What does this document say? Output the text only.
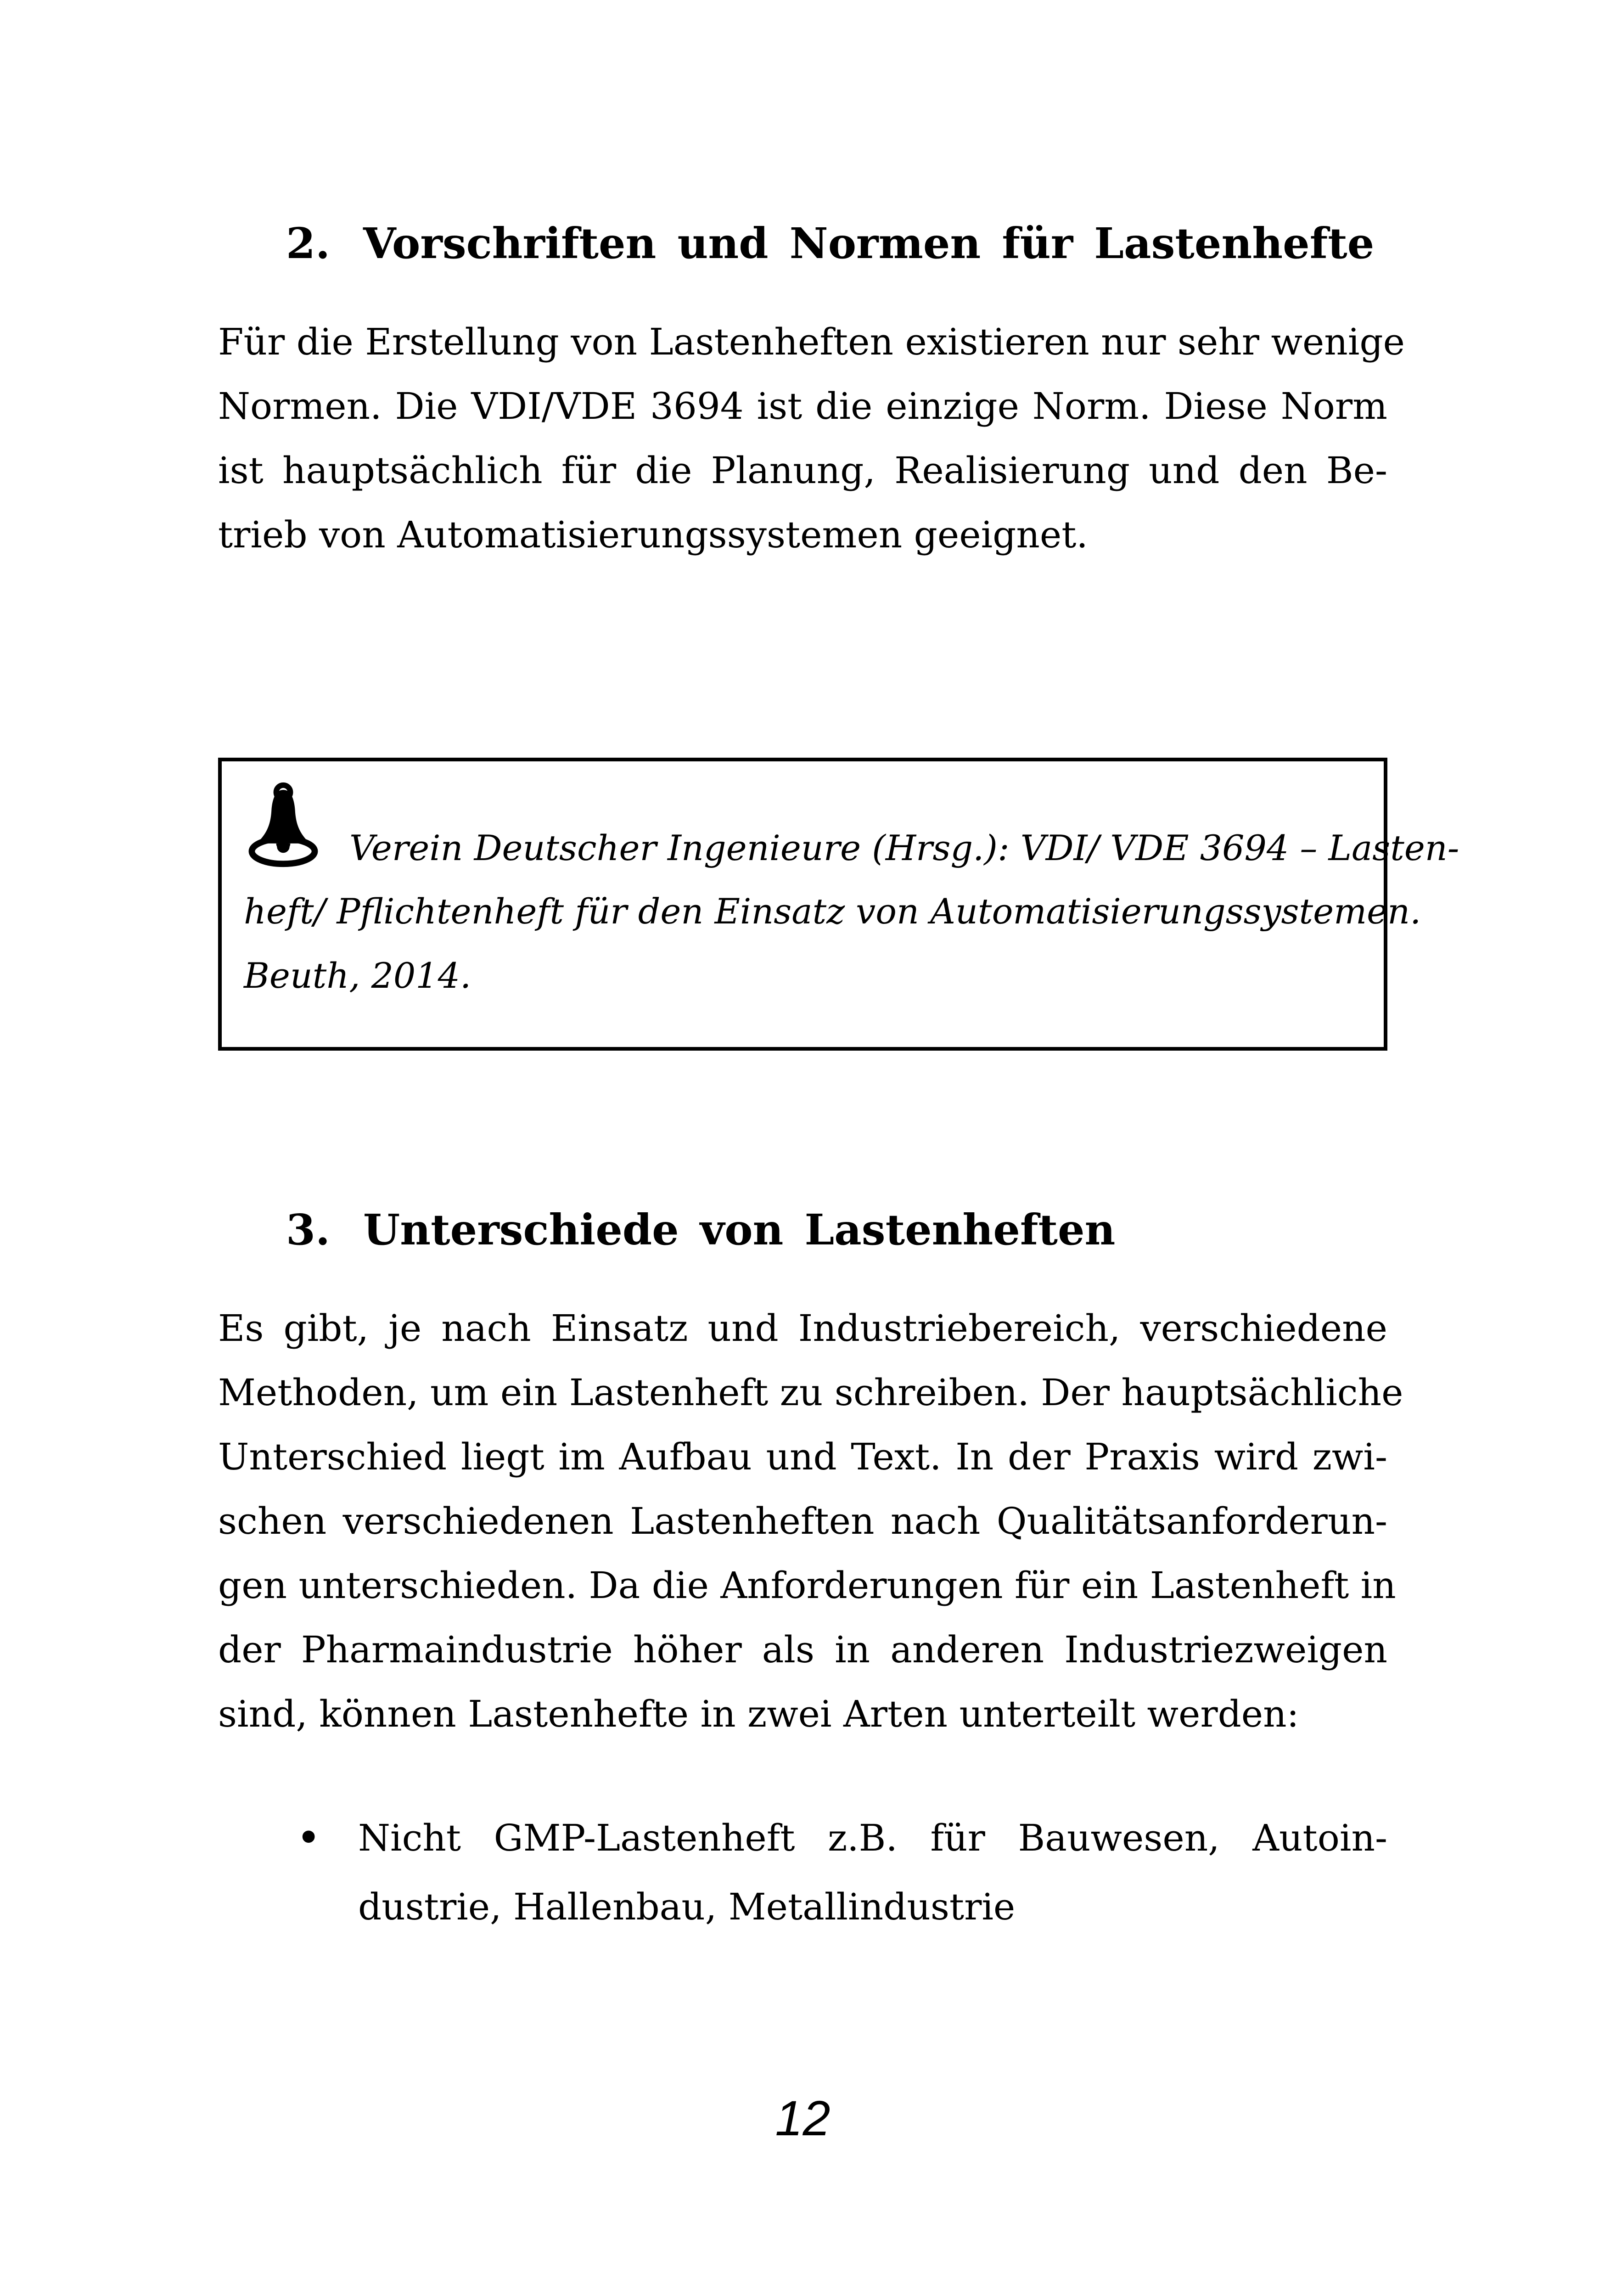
2. Vorschriften und Normen für Lastenhefte
Für die Erstellung von Lastenheften existieren nur sehr wenige
Normen. Die VDI/VDE 3694 ist die einzige Norm. Diese Norm
ist hauptsächlich für die Planung, Realisierung und den Be-
trieb von Automatisierungssystemen geeignet.
Verein Deutscher Ingenieure (Hrsg.): VDI/ VDE 3694 – Lasten-
heft/ Pflichtenheft für den Einsatz von Automatisierungssystemen.
Beuth, 2014.
3. Unterschiede von Lastenheften
Es gibt, je nach Einsatz und Industriebereich, verschiedene
Methoden, um ein Lastenheft zu schreiben. Der hauptsächliche
Unterschied liegt im Aufbau und Text. In der Praxis wird zwi-
schen verschiedenen Lastenheften nach Qualitätsanforderun-
gen unterschieden. Da die Anforderungen für ein Lastenheft in
der Pharmaindustrie höher als in anderen Industriezweigen
sind, können Lastenhefte in zwei Arten unterteilt werden:
•	Nicht GMP-Lastenheft z.B. für Bauwesen, Autoin-
dustrie, Hallenbau, Metallindustrie
12
